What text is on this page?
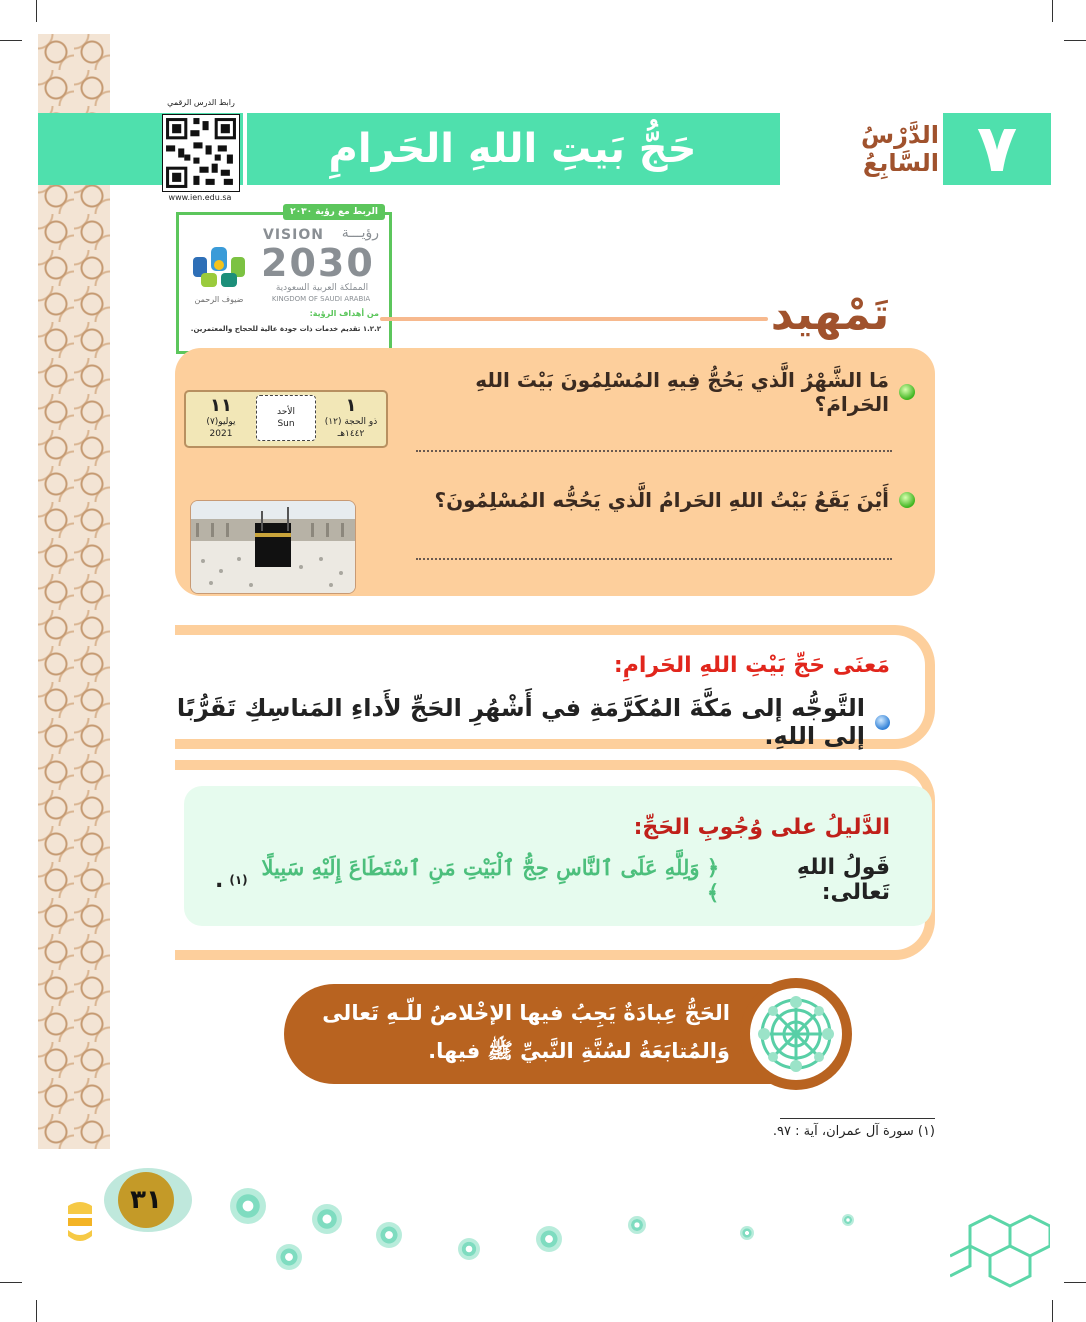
حَجُّ بَيتِ اللهِ الحَرامِ	الدَّرْسُ السَّابِعُ ٧
رابط الدرس الرقمي
www.ien.edu.sa
ضيوف الرحمن
VISION	رؤيـــة
2030
المملكة العربية السعودية
KINGDOM OF SAUDI ARABIA
من أهداف الرؤية:
١.٢.٢ تقديم خدمات ذات جودة عالية للحجاج والمعتمرين.
الربط مع رؤية ٢٠٣٠
تَمْهيد
مَا الشَّهْرُ الَّذي يَحُجُّ فِيهِ المُسْلِمُونَ بَيْتَ اللهِ الحَرامَ؟
أَيْنَ يَقَعُ بَيْتُ اللهِ الحَرامُ الَّذي يَحُجُّه المُسْلِمُونَ؟
١
ذو الحجة (١٢)
١٤٤٢هـ
الأحد
Sun
١١
يوليو(٧)
2021
مَعنَى حَجِّ بَيْتِ اللهِ الحَرامِ:
التَّوجُّه إلى مَكَّةَ المُكَرَّمَةِ في أَشْهُرِ الحَجِّ لأَداءِ المَناسِكِ تَقَرُّبًا إلى اللهِ.
الدَّليلُ على وُجُوبِ الحَجِّ:
قَولُ اللهِ تَعالى:
﴿ وَلِلَّهِ عَلَى ٱلنَّاسِ حِجُّ ٱلْبَيْتِ مَنِ ٱسْتَطَاعَ إِلَيْهِ سَبِيلًا ﴾
(١)
.
الحَجُّ عِبادَةٌ يَجِبُ فيها الإخْلاصُ للّـهِ تَعالى
وَالمُتابَعَةُ لسُنَّةِ النَّبيِّ ﷺ فيها.
(١) سورة آل عمران، آية : ٩٧.
٣١
